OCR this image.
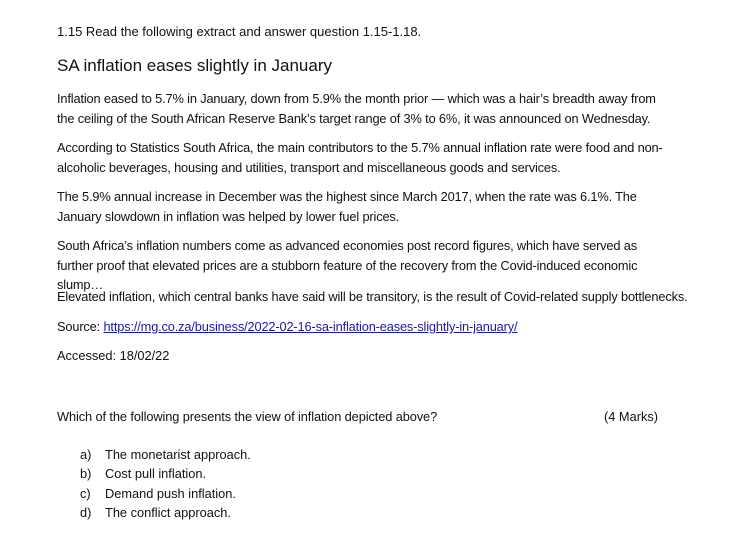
1.15 Read the following extract and answer question 1.15-1.18.
SA inflation eases slightly in January
Inflation eased to 5.7% in January, down from 5.9% the month prior — which was a hair’s breadth away from the ceiling of the South African Reserve Bank’s target range of 3% to 6%, it was announced on Wednesday.
According to Statistics South Africa, the main contributors to the 5.7% annual inflation rate were food and non-alcoholic beverages, housing and utilities, transport and miscellaneous goods and services.
The 5.9% annual increase in December was the highest since March 2017, when the rate was 6.1%. The January slowdown in inflation was helped by lower fuel prices.
South Africa’s inflation numbers come as advanced economies post record figures, which have served as further proof that elevated prices are a stubborn feature of the recovery from the Covid-induced economic slump…
Elevated inflation, which central banks have said will be transitory, is the result of Covid-related supply bottlenecks.
Source: https://mg.co.za/business/2022-02-16-sa-inflation-eases-slightly-in-january/
Accessed: 18/02/22
Which of the following presents the view of inflation depicted above?	(4 Marks)
a)	The monetarist approach.
b)	Cost pull inflation.
c)	Demand push inflation.
d)	The conflict approach.
